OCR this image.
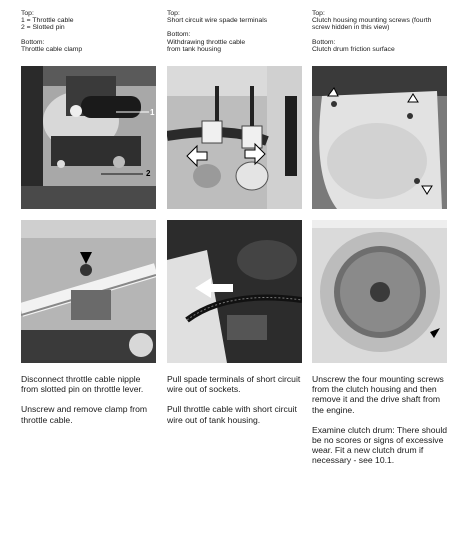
Top:
1 = Throttle cable
2 = Slotted pin
Bottom:
Throttle cable clamp
Top:
Short circuit wire spade terminals
Bottom:
Withdrawing throttle cable
from tank housing
Top:
Clutch housing mounting screws (fourth
screw hidden in this view)
Bottom:
Clutch drum friction surface
1
2

Disconnect throttle cable nipple from slotted pin on throttle lever.

Unscrew and remove clamp from throttle cable.

Pull spade terminals of short circuit wire out of sockets.

Pull throttle cable with short circuit wire out of tank housing.

Unscrew the four mounting screws from the clutch housing and then remove it and the drive shaft from the engine.

Examine clutch drum: There should be no scores or signs of excessive wear. Fit a new clutch drum if necessary - see 10.1.
